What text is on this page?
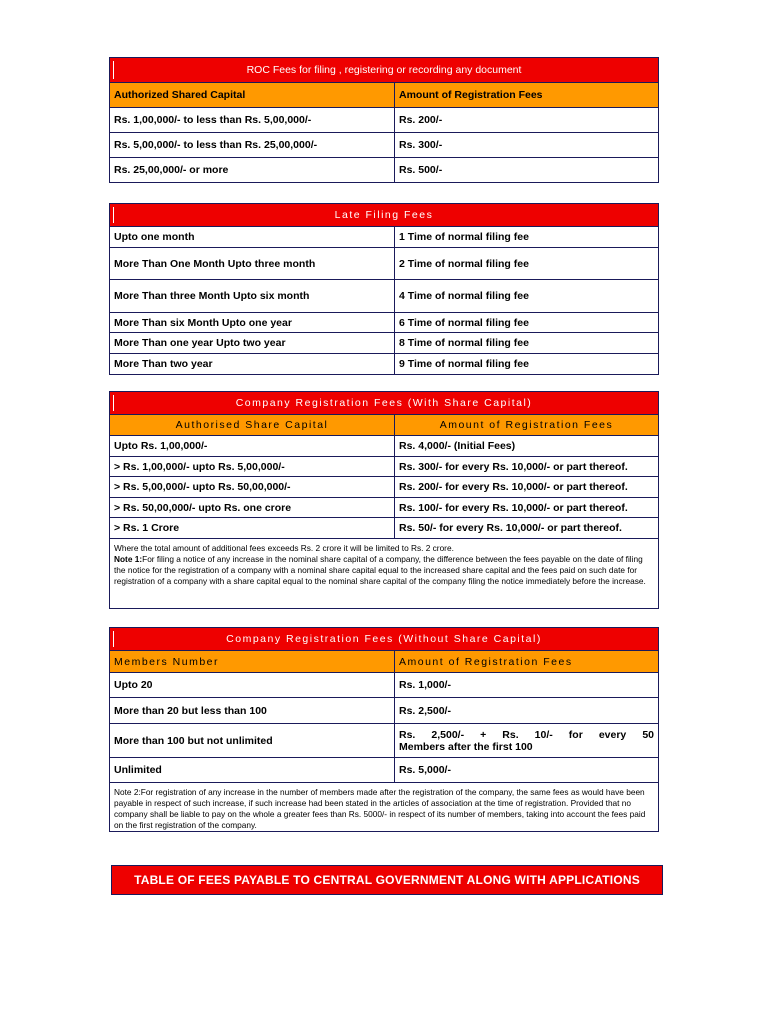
ROC Fees for filing , registering or recording any document
Authorized Shared Capital	Amount of Registration Fees
Rs. 1,00,000/- to less than Rs. 5,00,000/-	Rs. 200/-
Rs. 5,00,000/- to less than Rs. 25,00,000/-	Rs. 300/-
Rs. 25,00,000/- or more	Rs. 500/-
Late Filing Fees
Upto one month	1 Time of normal filing fee
More Than One Month Upto three month	2 Time of normal filing fee
More Than three Month Upto six month	4 Time of normal filing fee
More Than six Month Upto one year	6 Time of normal filing fee
More Than one year Upto two year	8 Time of normal filing fee
More Than two year	9 Time of normal filing fee
Company Registration Fees (With Share Capital)
Authorised Share Capital	Amount of Registration Fees
Upto Rs. 1,00,000/-	Rs. 4,000/- (Initial Fees)
> Rs. 1,00,000/- upto Rs. 5,00,000/-	Rs. 300/- for every Rs. 10,000/- or part thereof.
> Rs. 5,00,000/- upto Rs. 50,00,000/-	Rs. 200/- for every Rs. 10,000/- or part thereof.
> Rs. 50,00,000/- upto Rs. one crore	Rs. 100/- for every Rs. 10,000/- or part thereof.
> Rs. 1 Crore	Rs. 50/- for every Rs. 10,000/- or part thereof.
Where the total amount of additional fees exceeds Rs. 2 crore it will be limited to Rs. 2 crore.
Note 1:For filing a notice of any increase in the nominal share capital of a company, the difference between the fees payable on the date of filing the notice for the registration of a company with a nominal share capital equal to the increased share capital and the fees paid on such date for registration of a company with a share capital equal to the nominal share capital of the company filing the notice immediately before the increase.
Company Registration Fees (Without Share Capital)
Members Number	Amount of Registration Fees
Upto 20	Rs. 1,000/-
More than 20 but less than 100	Rs. 2,500/-
More than 100 but not unlimited	Rs. 2,500/- + Rs. 10/- for every 50
Members after the first 100
Unlimited	Rs. 5,000/-
Note 2:For registration of any increase in the number of members made after the registration of the company, the same fees as would have been payable in respect of such increase, if such increase had been stated in the articles of association at the time of registration. Provided that no company shall be liable to pay on the whole a greater fees than Rs. 5000/- in respect of its number of members, taking into account the fees paid on the first registration of the company.
TABLE OF FEES PAYABLE TO CENTRAL GOVERNMENT ALONG WITH APPLICATIONS
